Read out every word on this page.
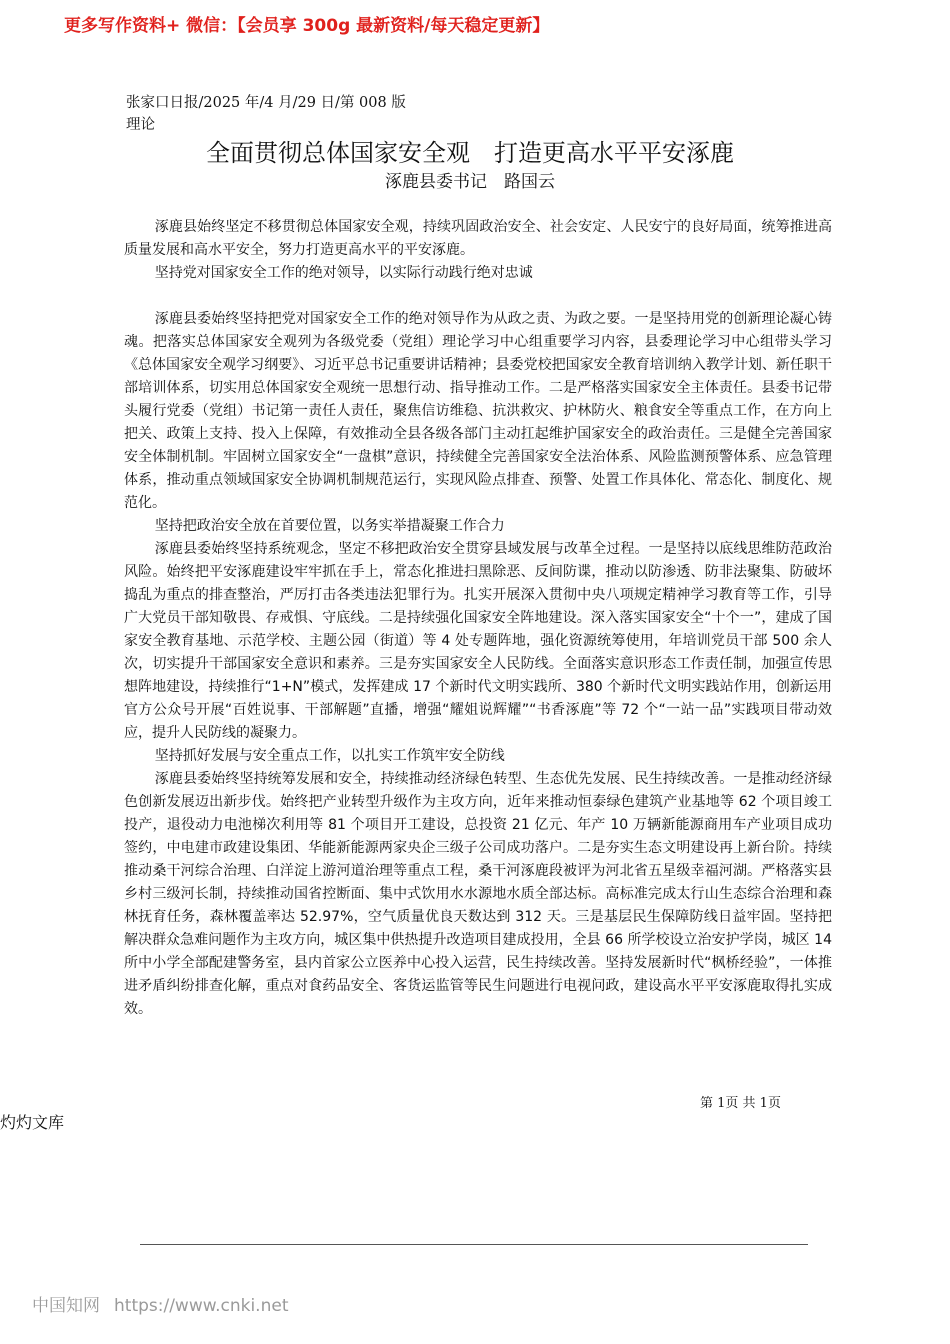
更多写作资料+ 微信：【会员享 300g 最新资料/每天稳定更新】
张家口日报/2025 年/4 月/29 日/第 008 版理论
全面贯彻总体国家安全观　打造更高水平平安涿鹿
涿鹿县委书记　路国云

涿鹿县始终坚定不移贯彻总体国家安全观，持续巩固政治安全、社会安定、人民安宁的良好局面，统筹推进高质量发展和高水平安全，努力打造更高水平的平安涿鹿。

坚持党对国家安全工作的绝对领导，以实际行动践行绝对忠诚

涿鹿县委始终坚持把党对国家安全工作的绝对领导作为从政之责、为政之要。一是坚持用党的创新理论凝心铸魂。把落实总体国家安全观列为各级党委（党组）理论学习中心组重要学习内容，县委理论学习中心组带头学习《总体国家安全观学习纲要》、习近平总书记重要讲话精神；县委党校把国家安全教育培训纳入教学计划、新任职干部培训体系，切实用总体国家安全观统一思想行动、指导推动工作。二是严格落实国家安全主体责任。县委书记带头履行党委（党组）书记第一责任人责任，聚焦信访维稳、抗洪救灾、护林防火、粮食安全等重点工作，在方向上把关、政策上支持、投入上保障，有效推动全县各级各部门主动扛起维护国家安全的政治责任。三是健全完善国家安全体制机制。牢固树立国家安全“一盘棋”意识，持续健全完善国家安全法治体系、风险监测预警体系、应急管理体系，推动重点领域国家安全协调机制规范运行，实现风险点排查、预警、处置工作具体化、常态化、制度化、规范化。

坚持把政治安全放在首要位置，以务实举措凝聚工作合力

涿鹿县委始终坚持系统观念，坚定不移把政治安全贯穿县域发展与改革全过程。一是坚持以底线思维防范政治风险。始终把平安涿鹿建设牢牢抓在手上，常态化推进扫黑除恶、反间防谍，推动以防渗透、防非法聚集、防破坏捣乱为重点的排查整治，严厉打击各类违法犯罪行为。扎实开展深入贯彻中央八项规定精神学习教育等工作，引导广大党员干部知敬畏、存戒惧、守底线。二是持续强化国家安全阵地建设。深入落实国家安全“十个一”，建成了国家安全教育基地、示范学校、主题公园（街道）等 4 处专题阵地，强化资源统筹使用，年培训党员干部 500 余人次，切实提升干部国家安全意识和素养。三是夯实国家安全人民防线。全面落实意识形态工作责任制，加强宣传思想阵地建设，持续推行“1+N”模式，发挥建成 17 个新时代文明实践所、380 个新时代文明实践站作用，创新运用官方公众号开展“百姓说事、干部解题”直播，增强“耀姐说辉耀”“书香涿鹿”等 72 个“一站一品”实践项目带动效应，提升人民防线的凝聚力。

坚持抓好发展与安全重点工作，以扎实工作筑牢安全防线

涿鹿县委始终坚持统筹发展和安全，持续推动经济绿色转型、生态优先发展、民生持续改善。一是推动经济绿色创新发展迈出新步伐。始终把产业转型升级作为主攻方向，近年来推动恒泰绿色建筑产业基地等 62 个项目竣工投产，退役动力电池梯次利用等 81 个项目开工建设，总投资 21 亿元、年产 10 万辆新能源商用车产业项目成功签约，中电建市政建设集团、华能新能源两家央企三级子公司成功落户。二是夯实生态文明建设再上新台阶。持续推动桑干河综合治理、白洋淀上游河道治理等重点工程，桑干河涿鹿段被评为河北省五星级幸福河湖。严格落实县乡村三级河长制，持续推动国省控断面、集中式饮用水水源地水质全部达标。高标准完成太行山生态综合治理和森林抚育任务，森林覆盖率达 52.97%，空气质量优良天数达到 312 天。三是基层民生保障防线日益牢固。坚持把解决群众急难问题作为主攻方向，城区集中供热提升改造项目建成投用，全县 66 所学校设立治安护学岗，城区 14 所中小学全部配建警务室，县内首家公立医养中心投入运营，民生持续改善。坚持发展新时代“枫桥经验”，一体推进矛盾纠纷排查化解，重点对食药品安全、客货运监管等民生问题进行电视问政，建设高水平平安涿鹿取得扎实成效。

第 1页 共 1页
灼灼文库
中国知网 https://www.cnki.net
